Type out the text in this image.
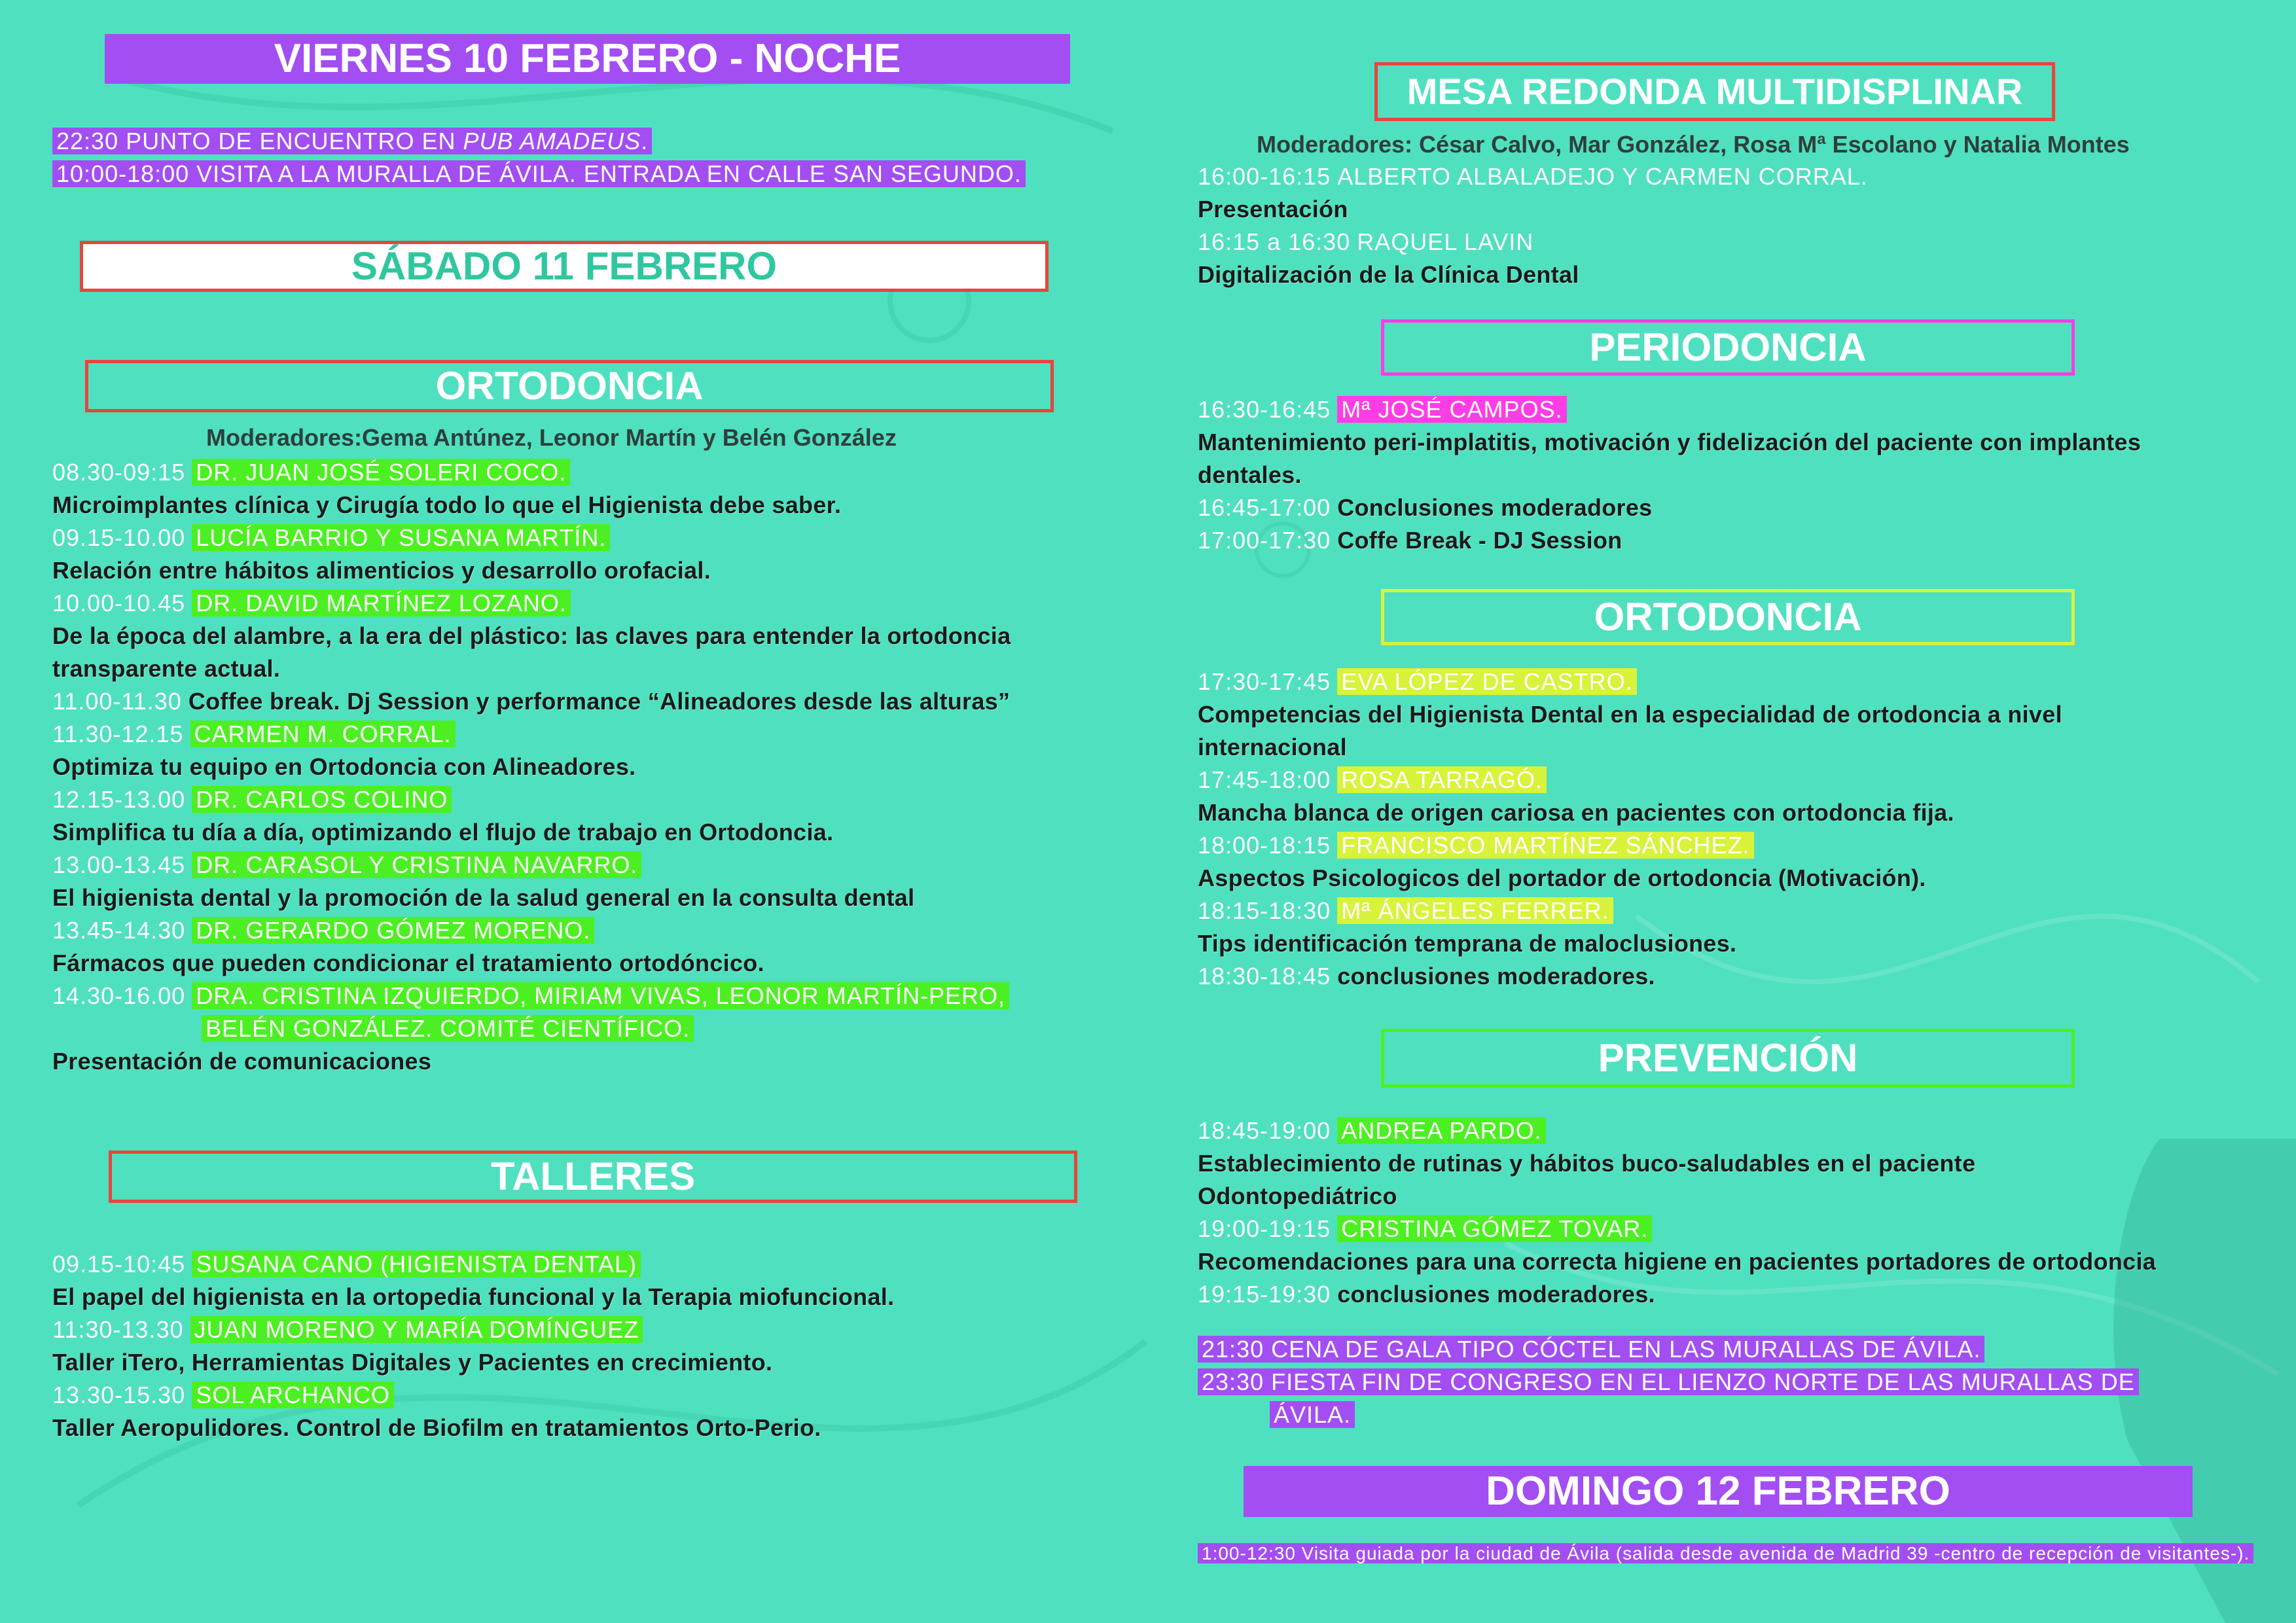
VIERNES 10 FEBRERO - NOCHE
22:30 PUNTO DE ENCUENTRO EN PUB AMADEUS.
10:00-18:00 VISITA A LA MURALLA DE ÁVILA. ENTRADA EN CALLE SAN SEGUNDO.
SÁBADO 11 FEBRERO
ORTODONCIA
Moderadores:Gema Antúnez, Leonor Martín y Belén González
08.30-09:15 DR. JUAN JOSÉ SOLERI COCO.
Microimplantes clínica y Cirugía todo lo que el Higienista debe saber.
09.15-10.00 LUCÍA BARRIO Y SUSANA MARTÍN.
Relación entre hábitos alimenticios y desarrollo orofacial.
10.00-10.45 DR. DAVID MARTÍNEZ LOZANO.
De la época del alambre, a la era del plástico: las claves para entender la ortodoncia
transparente actual.
11.00-11.30 Coffee break. Dj Session y performance “Alineadores desde las alturas”
11.30-12.15 CARMEN M. CORRAL.
Optimiza tu equipo en Ortodoncia con Alineadores.
12.15-13.00 DR. CARLOS COLINO
Simplifica tu día a día, optimizando el flujo de trabajo en Ortodoncia.
13.00-13.45 DR. CARASOL Y CRISTINA NAVARRO.
El higienista dental y la promoción de la salud general en la consulta dental
13.45-14.30 DR. GERARDO GÓMEZ MORENO.
Fármacos que pueden condicionar el tratamiento ortodóncico.
14.30-16.00 DRA. CRISTINA IZQUIERDO, MIRIAM VIVAS, LEONOR MARTÍN-PERO,
BELÉN GONZÁLEZ. COMITÉ CIENTÍFICO.
Presentación de comunicaciones
TALLERES
09.15-10:45 SUSANA CANO (HIGIENISTA DENTAL)
El papel del higienista en la ortopedia funcional y la Terapia miofuncional.
11:30-13.30 JUAN MORENO Y MARÍA DOMÍNGUEZ
Taller iTero, Herramientas Digitales y Pacientes en crecimiento.
13.30-15.30 SOL ARCHANCO
Taller Aeropulidores. Control de Biofilm en tratamientos Orto-Perio.
MESA REDONDA MULTIDISPLINAR
Moderadores: César Calvo, Mar González, Rosa Mª Escolano y Natalia Montes
16:00-16:15 ALBERTO ALBALADEJO Y CARMEN CORRAL.
Presentación
16:15 a 16:30 RAQUEL LAVIN
Digitalización de la Clínica Dental
PERIODONCIA
16:30-16:45 Mª JOSÉ CAMPOS.
Mantenimiento peri-implatitis, motivación y fidelización del paciente con implantes
dentales.
16:45-17:00 Conclusiones moderadores
17:00-17:30 Coffe Break - DJ Session
ORTODONCIA
17:30-17:45 EVA LÓPEZ DE CASTRO.
Competencias del Higienista Dental en la especialidad de ortodoncia a nivel
internacional
17:45-18:00 ROSA TARRAGÓ.
Mancha blanca de origen cariosa en pacientes con ortodoncia fija.
18:00-18:15 FRANCISCO MARTÍNEZ SÁNCHEZ.
Aspectos Psicologicos del portador de ortodoncia (Motivación).
18:15-18:30 Mª ÁNGELES FERRER.
Tips identificación temprana de maloclusiones.
18:30-18:45 conclusiones moderadores.
PREVENCIÓN
18:45-19:00 ANDREA PARDO.
Establecimiento de rutinas y hábitos buco-saludables en el paciente
Odontopediátrico
19:00-19:15 CRISTINA GÓMEZ TOVAR.
Recomendaciones para una correcta higiene en pacientes portadores de ortodoncia
19:15-19:30 conclusiones moderadores.
21:30 CENA DE GALA TIPO CÓCTEL EN LAS MURALLAS DE ÁVILA.
23:30 FIESTA FIN DE CONGRESO EN EL LIENZO NORTE DE LAS MURALLAS DE
ÁVILA.
DOMINGO 12 FEBRERO
1:00-12:30 Visita guiada por la ciudad de Ávila (salida desde avenida de Madrid 39 -centro de recepción de visitantes-).
